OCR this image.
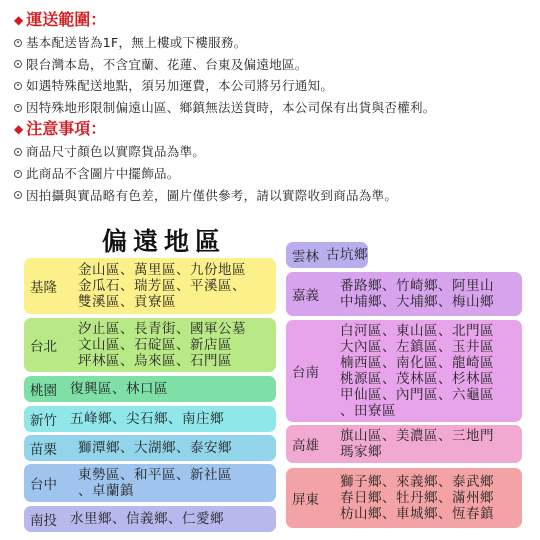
◆ 運送範圍：
基本配送皆為1F，無上樓或下樓服務。
限台灣本島，不含宜蘭、花蓮、台東及偏遠地區。
如遇特殊配送地點，須另加運費，本公司將另行通知。
因特殊地形限制偏遠山區、鄉鎮無法送貨時，本公司保有出貨與否權利。
◆ 注意事項：
商品尺寸顏色以實際貨品為準。
此商品不含圖片中擺飾品。
因拍攝與實品略有色差，圖片僅供參考，請以實際收到商品為準。
偏遠地區
基隆
金山區、萬里區、九份地區
金瓜石、瑞芳區、平溪區、
雙溪區、貢寮區
台北
汐止區、長青街、國軍公墓
文山區、石碇區、新店區
坪林區、烏來區、石門區
桃園 復興區、林口區
新竹 五峰鄉、尖石鄉、南庄鄉
苗栗	獅潭鄉、大湖鄉、泰安鄉
台中
東勢區、和平區、新社區
、卓蘭鎮
南投 水里鄉、信義鄉、仁愛鄉
雲林 古坑鄉
嘉義
番路鄉、竹崎鄉、阿里山
中埔鄉、大埔鄉、梅山鄉
台南
白河區、東山區、北門區
大內區、左鎮區、玉井區
楠西區、南化區、龍崎區
桃源區、茂林區、杉林區
甲仙區、內門區、六龜區
、田寮區
高雄
旗山區、美濃區、三地門
瑪家鄉
屏東
獅子鄉、來義鄉、泰武鄉
春日鄉、牡丹鄉、滿州鄉
枋山鄉、車城鄉、恆春鎮
